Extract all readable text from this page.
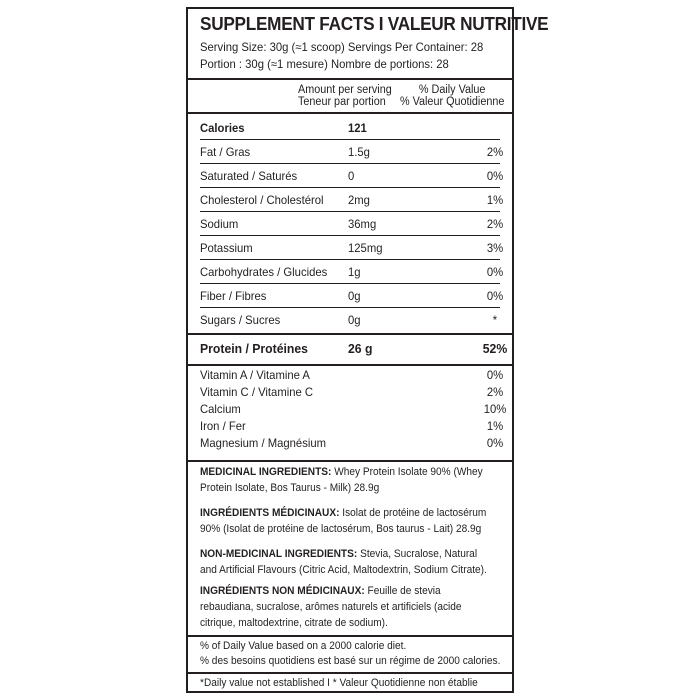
SUPPLEMENT FACTS I VALEUR NUTRITIVE
Serving Size: 30g (≈1 scoop) Servings Per Container: 28
Portion : 30g (≈1 mesure) Nombre de portions: 28
Amount per serving
Teneur par portion
% Daily Value
% Valeur Quotidienne
Calories	121
Fat / Gras	1.5g	2%
Saturated / Saturés	0	0%
Cholesterol / Cholestérol 2mg	1%
Sodium	36mg	2%
Potassium	125mg	3%
Carbohydrates / Glucides 1g	0%
Fiber / Fibres	0g	0%
Sugars / Sucres	0g	*
Protein / Protéines	26 g	52%
Vitamin A / Vitamine A	0%
Vitamin C / Vitamine C	2%
Calcium	10%
Iron / Fer	1%
Magnesium / Magnésium	0%
MEDICINAL INGREDIENTS: Whey Protein Isolate 90% (Whey Protein Isolate, Bos Taurus - Milk) 28.9g
INGRÉDIENTS MÉDICINAUX: Isolat de protéine de lactosérum 90% (Isolat de protéine de lactosérum, Bos taurus - Lait) 28.9g
NON-MEDICINAL INGREDIENTS: Stevia, Sucralose, Natural and Artificial Flavours (Citric Acid, Maltodextrin, Sodium Citrate).
INGRÉDIENTS NON MÉDICINAUX: Feuille de stevia rebaudiana, sucralose, arômes naturels et artificiels (acide citrique, maltodextrine, citrate de sodium).
% of Daily Value based on a 2000 calorie diet.
% des besoins quotidiens est basé sur un régime de 2000 calories.
*Daily value not established I * Valeur Quotidienne non établie
